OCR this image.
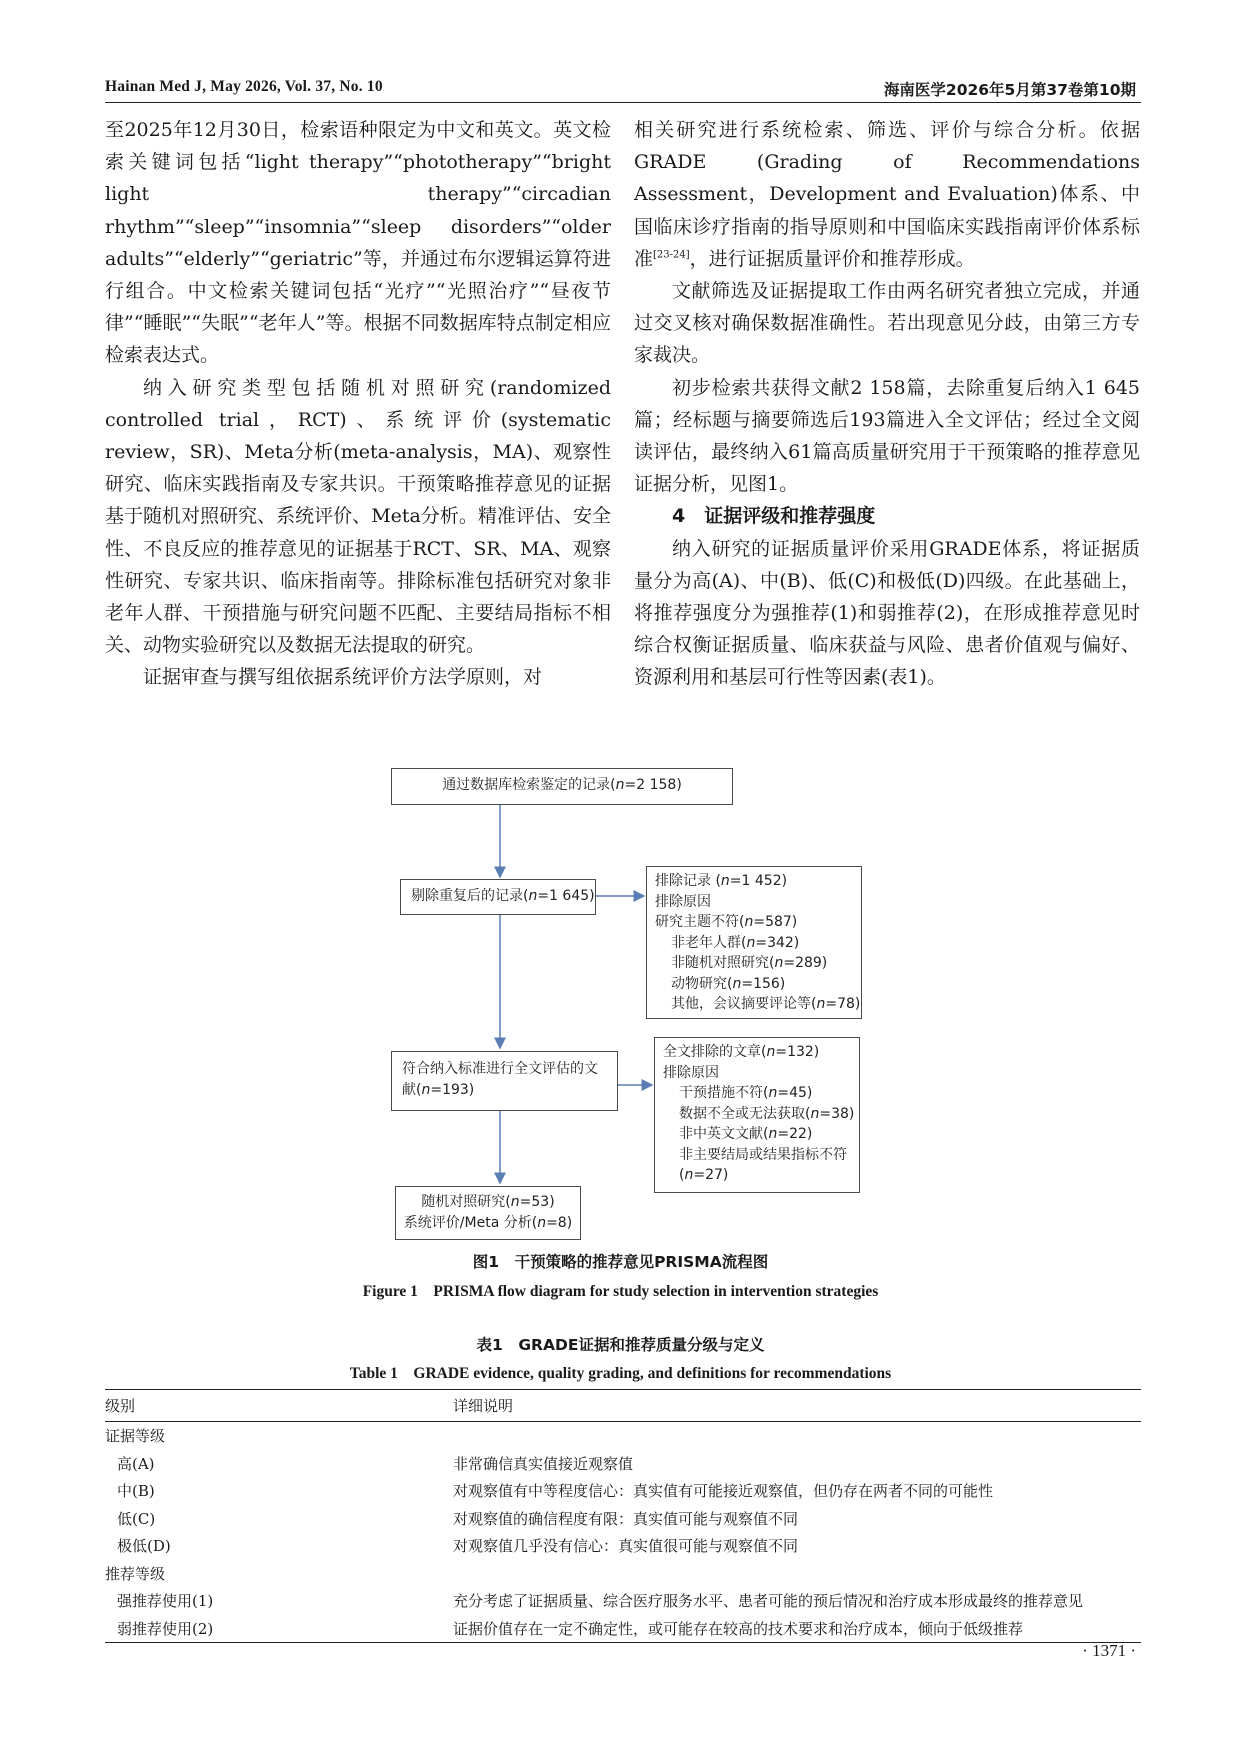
Hainan Med J, May 2026, Vol. 37, No. 10	海南医学2026年5月第37卷第10期

至2025年12月30日，检索语种限定为中文和英文。英文检索关键词包括“light therapy”“phototherapy”“bright light therapy”“circadian rhythm”“sleep”“insomnia”“sleep disorders”“older adults”“elderly”“geriatric”等，并通过布尔逻辑运算符进行组合。中文检索关键词包括“光疗”“光照治疗”“昼夜节律”“睡眠”“失眠”“老年人”等。根据不同数据库特点制定相应检索表达式。

纳入研究类型包括随机对照研究(randomized controlled trial，RCT)、系统评价(systematic review，SR)、Meta分析(meta-analysis，MA)、观察性研究、临床实践指南及专家共识。干预策略推荐意见的证据基于随机对照研究、系统评价、Meta分析。精准评估、安全性、不良反应的推荐意见的证据基于RCT、SR、MA、观察性研究、专家共识、临床指南等。排除标准包括研究对象非老年人群、干预措施与研究问题不匹配、主要结局指标不相关、动物实验研究以及数据无法提取的研究。

证据审查与撰写组依据系统评价方法学原则，对

相关研究进行系统检索、筛选、评价与综合分析。依据GRADE (Grading of Recommendations Assessment，Development and Evaluation)体系、中国临床诊疗指南的指导原则和中国临床实践指南评价体系标准[23-24]，进行证据质量评价和推荐形成。

文献筛选及证据提取工作由两名研究者独立完成，并通过交叉核对确保数据准确性。若出现意见分歧，由第三方专家裁决。

初步检索共获得文献2 158篇，去除重复后纳入1 645篇；经标题与摘要筛选后193篇进入全文评估；经过全文阅读评估，最终纳入61篇高质量研究用于干预策略的推荐意见证据分析，见图1。

4　 证据评级和推荐强度

纳入研究的证据质量评价采用GRADE体系，将证据质量分为高(A)、中(B)、低(C)和极低(D)四级。在此基础上，将推荐强度分为强推荐(1)和弱推荐(2)，在形成推荐意见时综合权衡证据质量、临床获益与风险、患者价值观与偏好、资源利用和基层可行性等因素(表1)。

通过数据库检索鉴定的记录(n=2 158)
剔除重复后的记录(n=1 645)
符合纳入标准进行全文评估的文
献(n=193)
随机对照研究(n=53)
系统评价/Meta 分析(n=8)
排除记录 (n=1 452)
排除原因
研究主题不符(n=587)
非老年人群(n=342)
非随机对照研究(n=289)
动物研究(n=156)
其他，会议摘要评论等(n=78)
全文排除的文章(n=132)
排除原因
干预措施不符(n=45)
数据不全或无法获取(n=38)
非中英文文献(n=22)
非主要结局或结果指标不符
(n=27)
图1　干预策略的推荐意见PRISMA流程图
Figure 1　PRISMA flow diagram for study selection in intervention strategies
表1　GRADE证据和推荐质量分级与定义
Table 1　GRADE evidence, quality grading, and definitions for recommendations
级别	详细说明
证据等级	
高(A)	非常确信真实值接近观察值
中(B)	对观察值有中等程度信心：真实值有可能接近观察值，但仍存在两者不同的可能性
低(C)	对观察值的确信程度有限：真实值可能与观察值不同
极低(D)	对观察值几乎没有信心：真实值很可能与观察值不同
推荐等级	
强推荐使用(1)	充分考虑了证据质量、综合医疗服务水平、患者可能的预后情况和治疗成本形成最终的推荐意见
弱推荐使用(2)	证据价值存在一定不确定性，或可能存在较高的技术要求和治疗成本，倾向于低级推荐
· 1371 ·
